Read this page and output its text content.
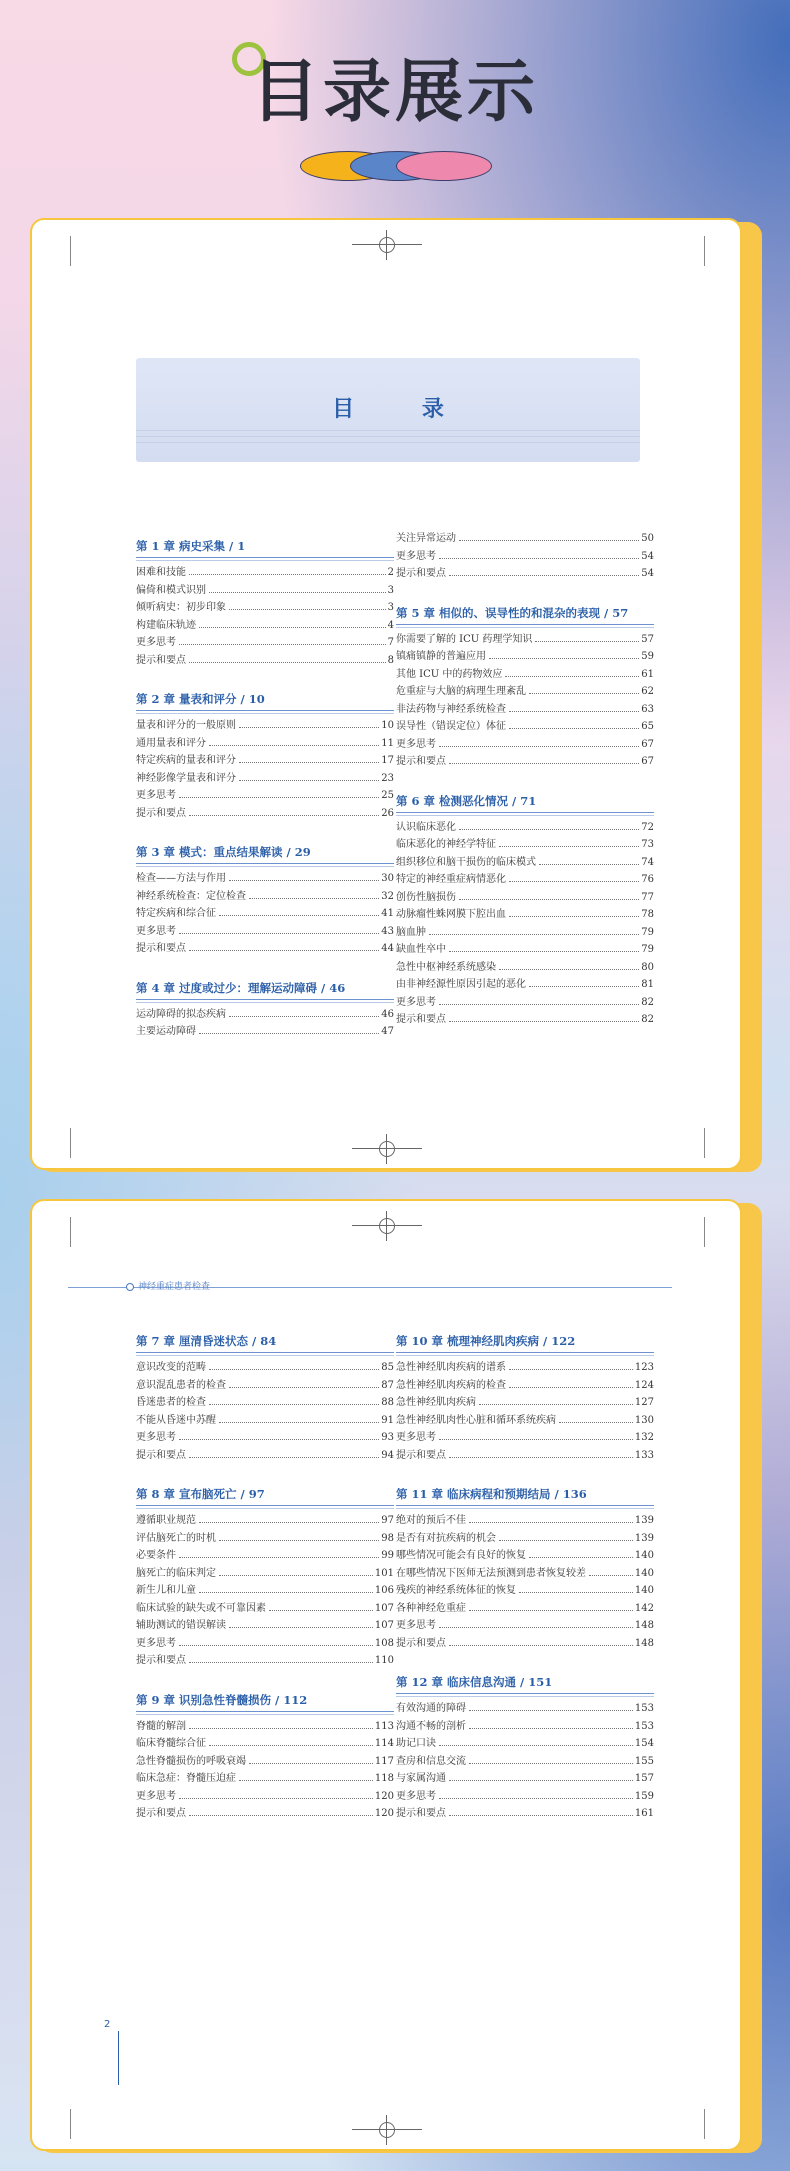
目录展示
目 录
第 1 章 病史采集 / 1
困难和技能	2
偏倚和模式识别	3
倾听病史：初步印象	3
构建临床轨迹	4
更多思考	7
提示和要点	8
第 2 章 量表和评分 / 10
量表和评分的一般原则	10
通用量表和评分	11
特定疾病的量表和评分	17
神经影像学量表和评分	23
更多思考	25
提示和要点	26
第 3 章 模式：重点结果解读 / 29
检查——方法与作用	30
神经系统检查：定位检查	32
特定疾病和综合征	41
更多思考	43
提示和要点	44
第 4 章 过度或过少：理解运动障碍 / 46
运动障碍的拟态疾病	46
主要运动障碍	47
关注异常运动	50
更多思考	54
提示和要点	54
第 5 章 相似的、误导性的和混杂的表现 / 57
你需要了解的 ICU 药理学知识	57
镇痛镇静的普遍应用	59
其他 ICU 中的药物效应	61
危重症与大脑的病理生理紊乱	62
非法药物与神经系统检查	63
误导性（错误定位）体征	65
更多思考	67
提示和要点	67
第 6 章 检测恶化情况 / 71
认识临床恶化	72
临床恶化的神经学特征	73
组织移位和脑干损伤的临床模式	74
特定的神经重症病情恶化	76
创伤性脑损伤	77
动脉瘤性蛛网膜下腔出血	78
脑血肿	79
缺血性卒中	79
急性中枢神经系统感染	80
由非神经源性原因引起的恶化	81
更多思考	82
提示和要点	82
神经重症患者检查
第 7 章 厘清昏迷状态 / 84
意识改变的范畴	85
意识混乱患者的检查	87
昏迷患者的检查	88
不能从昏迷中苏醒	91
更多思考	93
提示和要点	94
第 8 章 宣布脑死亡 / 97
遵循职业规范	97
评估脑死亡的时机	98
必要条件	99
脑死亡的临床判定	101
新生儿和儿童	106
临床试验的缺失或不可靠因素	107
辅助测试的错误解读	107
更多思考	108
提示和要点	110
第 9 章 识别急性脊髓损伤 / 112
脊髓的解剖	113
临床脊髓综合征	114
急性脊髓损伤的呼吸衰竭	117
临床急症：脊髓压迫症	118
更多思考	120
提示和要点	120
第 10 章 梳理神经肌肉疾病 / 122
急性神经肌肉疾病的谱系	123
急性神经肌肉疾病的检查	124
急性神经肌肉疾病	127
急性神经肌肉性心脏和循环系统疾病	130
更多思考	132
提示和要点	133
第 11 章 临床病程和预期结局 / 136
绝对的预后不佳	139
是否有对抗疾病的机会	139
哪些情况可能会有良好的恢复	140
在哪些情况下医师无法预测到患者恢复较差	140
残疾的神经系统体征的恢复	140
各种神经危重症	142
更多思考	148
提示和要点	148
第 12 章 临床信息沟通 / 151
有效沟通的障碍	153
沟通不畅的剖析	153
助记口诀	154
查房和信息交流	155
与家属沟通	157
更多思考	159
提示和要点	161
2
